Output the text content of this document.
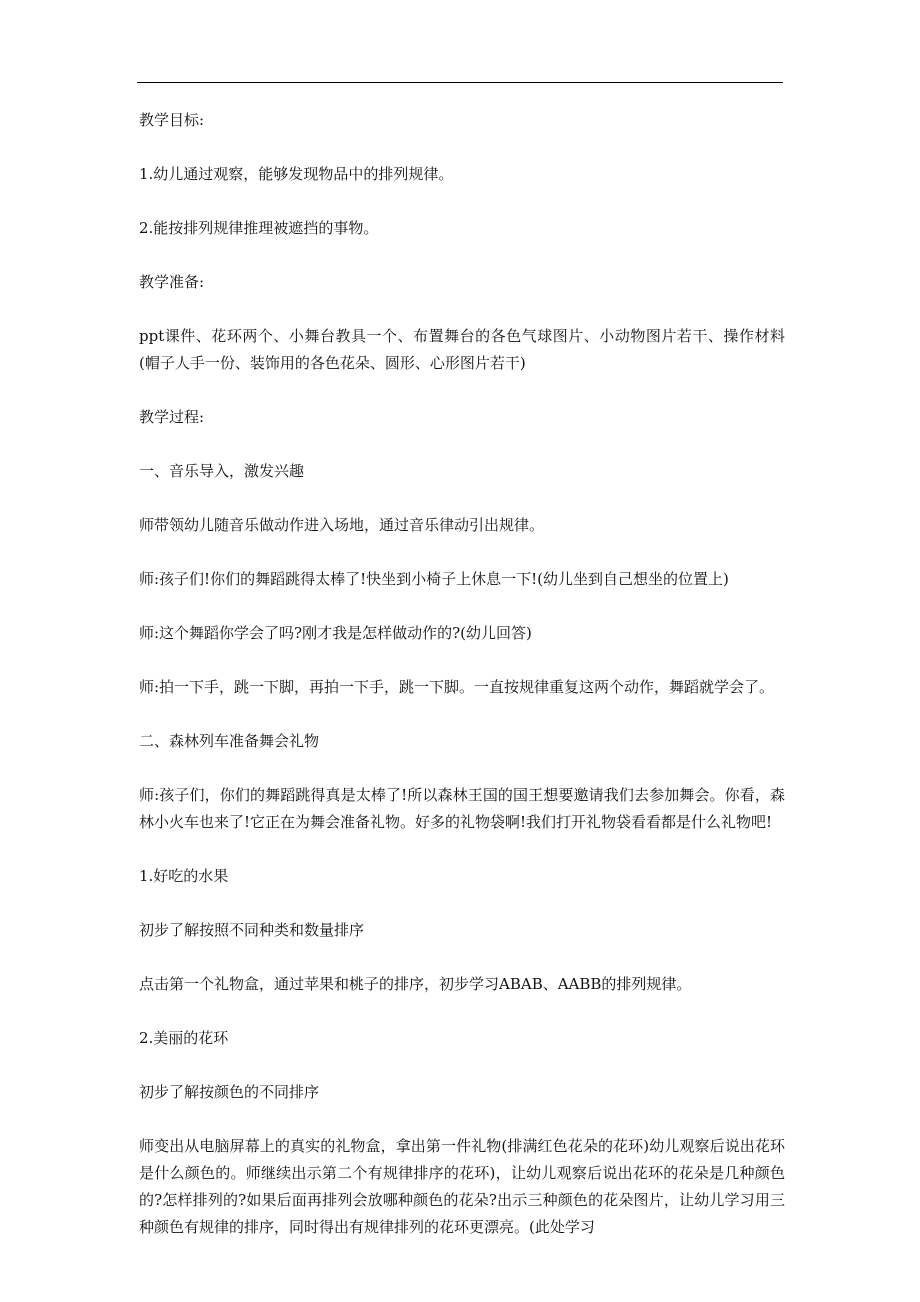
教学目标:

1.幼儿通过观察，能够发现物品中的排列规律。

2.能按排列规律推理被遮挡的事物。

教学准备:

ppt课件、花环两个、小舞台教具一个、布置舞台的各色气球图片、小动物图片若干、操作材料(帽子人手一份、装饰用的各色花朵、圆形、心形图片若干)

教学过程:

一、音乐导入，激发兴趣

师带领幼儿随音乐做动作进入场地，通过音乐律动引出规律。

师:孩子们!你们的舞蹈跳得太棒了!快坐到小椅子上休息一下!(幼儿坐到自己想坐的位置上)

师:这个舞蹈你学会了吗?刚才我是怎样做动作的?(幼儿回答)

师:拍一下手，跳一下脚，再拍一下手，跳一下脚。一直按规律重复这两个动作，舞蹈就学会了。

二、森林列车准备舞会礼物

师:孩子们，你们的舞蹈跳得真是太棒了!所以森林王国的国王想要邀请我们去参加舞会。你看，森林小火车也来了!它正在为舞会准备礼物。好多的礼物袋啊!我们打开礼物袋看看都是什么礼物吧!

1.好吃的水果

初步了解按照不同种类和数量排序

点击第一个礼物盒，通过苹果和桃子的排序，初步学习ABAB、AABB的排列规律。

2.美丽的花环

初步了解按颜色的不同排序

师变出从电脑屏幕上的真实的礼物盒，拿出第一件礼物(排满红色花朵的花环)幼儿观察后说出花环是什么颜色的。师继续出示第二个有规律排序的花环)，让幼儿观察后说出花环的花朵是几种颜色的?怎样排列的?如果后面再排列会放哪种颜色的花朵?出示三种颜色的花朵图片，让幼儿学习用三种颜色有规律的排序，同时得出有规律排列的花环更漂亮。(此处学习
